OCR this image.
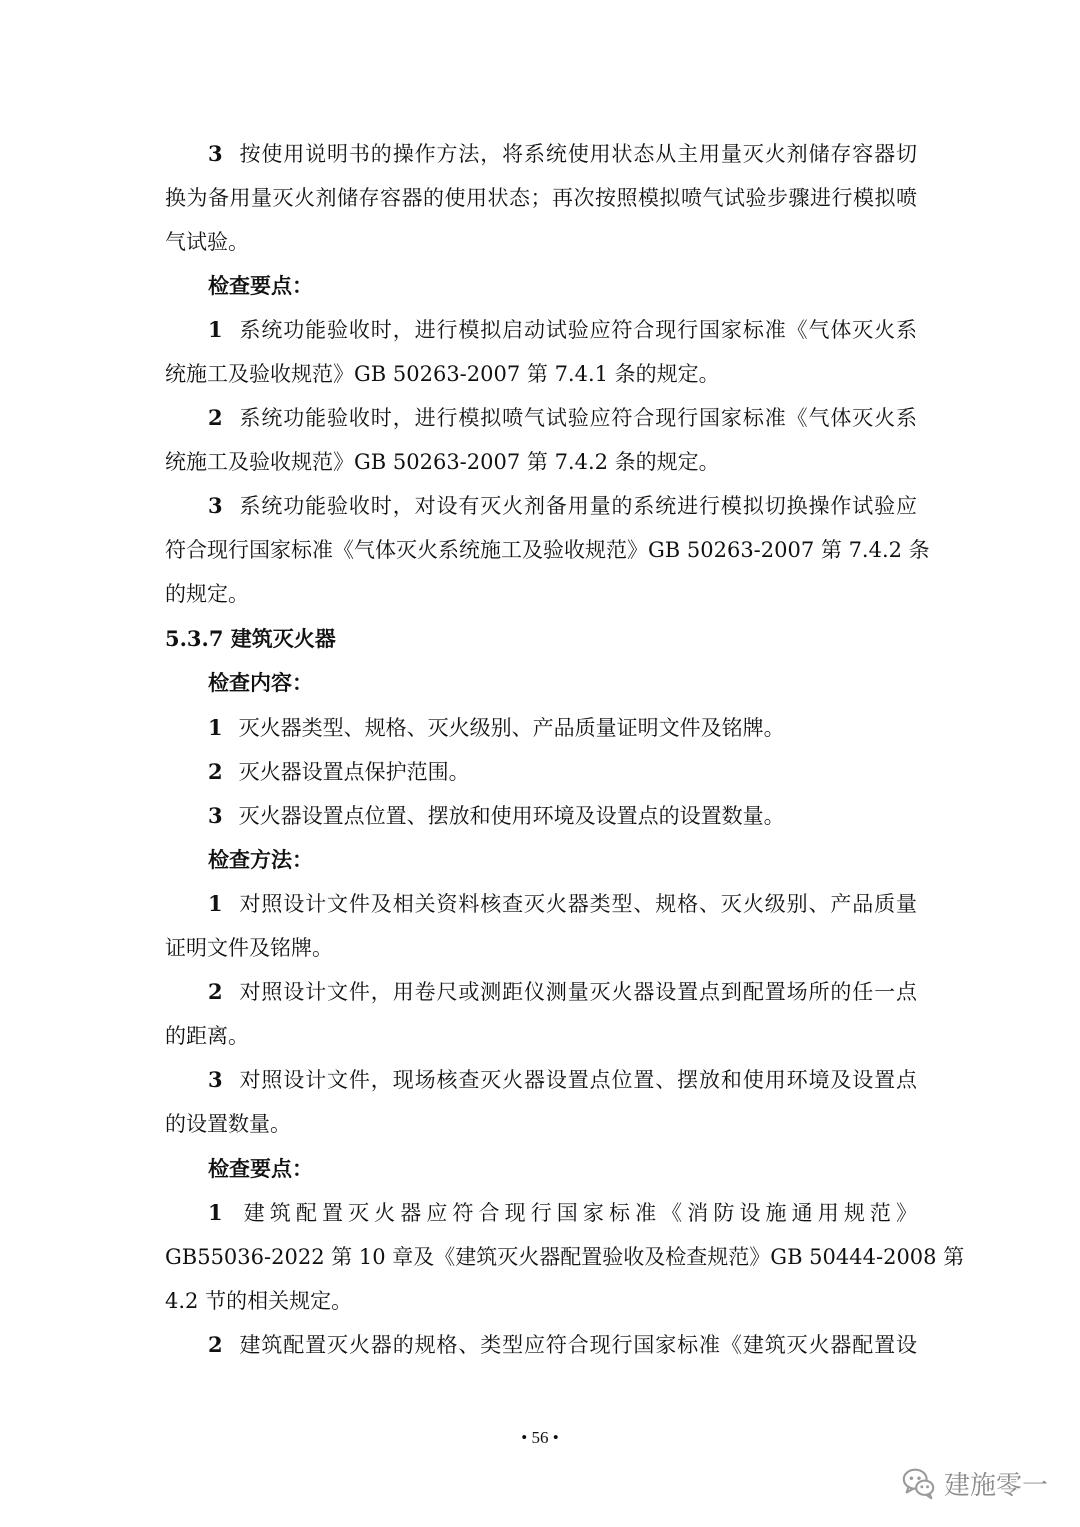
3 按使用说明书的操作方法，将系统使用状态从主用量灭火剂储存容器切
换为备用量灭火剂储存容器的使用状态；再次按照模拟喷气试验步骤进行模拟喷
气试验。
检查要点：
1 系统功能验收时，进行模拟启动试验应符合现行国家标准《气体灭火系
统施工及验收规范》GB 50263-2007 第 7.4.1 条的规定。
2 系统功能验收时，进行模拟喷气试验应符合现行国家标准《气体灭火系
统施工及验收规范》GB 50263-2007 第 7.4.2 条的规定。
3 系统功能验收时，对设有灭火剂备用量的系统进行模拟切换操作试验应
符合现行国家标准《气体灭火系统施工及验收规范》GB 50263-2007 第 7.4.2 条
的规定。
5.3.7 建筑灭火器
检查内容：
1 灭火器类型、规格、灭火级别、产品质量证明文件及铭牌。
2 灭火器设置点保护范围。
3 灭火器设置点位置、摆放和使用环境及设置点的设置数量。
检查方法：
1 对照设计文件及相关资料核查灭火器类型、规格、灭火级别、产品质量
证明文件及铭牌。
2 对照设计文件，用卷尺或测距仪测量灭火器设置点到配置场所的任一点
的距离。
3 对照设计文件，现场核查灭火器设置点位置、摆放和使用环境及设置点
的设置数量。
检查要点：
1 建筑配置灭火器应符合现行国家标准《消防设施通用规范》
GB55036-2022 第 10 章及《建筑灭火器配置验收及检查规范》GB 50444-2008 第
4.2 节的相关规定。
2 建筑配置灭火器的规格、类型应符合现行国家标准《建筑灭火器配置设
• 56 •
建施零一
